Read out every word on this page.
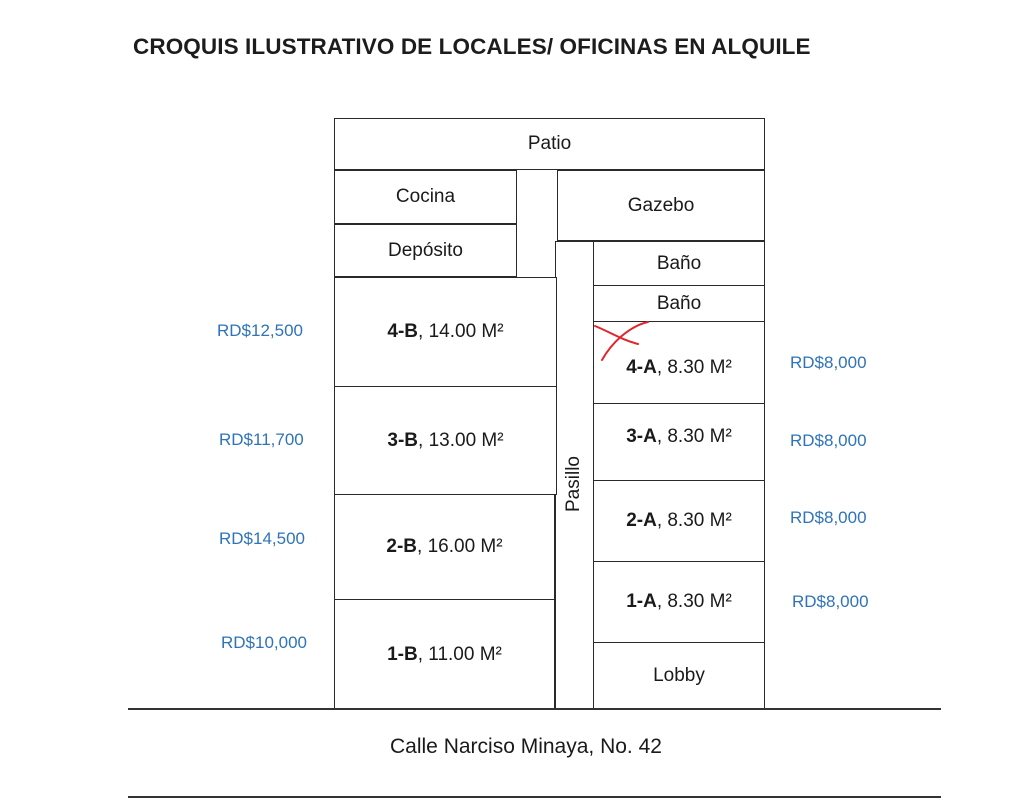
CROQUIS ILUSTRATIVO DE LOCALES/ OFICINAS EN ALQUILE
Patio
Cocina
Depósito
Gazebo
Pasillo
Baño
Baño
4-B, 14.00 M²
3-B, 13.00 M²
2-B, 16.00 M²
1-B, 11.00 M²
4-A, 8.30 M²
3-A, 8.30 M²
2-A, 8.30 M²
1-A, 8.30 M²
Lobby
RD$12,500
RD$11,700
RD$14,500
RD$10,000
RD$8,000
RD$8,000
RD$8,000
RD$8,000
Calle Narciso Minaya, No. 42
